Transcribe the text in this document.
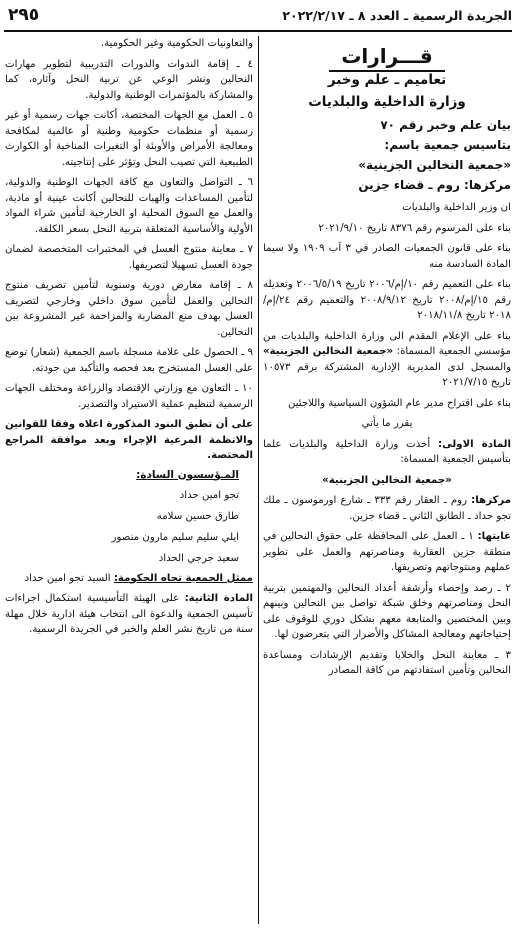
الجريدة الرسمية ـ العدد ٨ ـ ٢٠٢٢/٢/١٧
٢٩٥
قـــرارات
تعاميم ـ علم وخبر
وزارة الداخلية والبلديات
بيان علم وخبر رقم ٧٠
بتاسيس جمعية باسم:
«جمعية النخالين الجزينية»
مركزها: روم ـ قضاء جزين

ان وزير الداخلية والبلديات

بناء على المرسوم رقم ٨٣٧٦ تاريخ ٢٠٢١/٩/١٠

بناء على قانون الجمعيات الصادر في ٣ آب ١٩٠٩ ولا سيما المادة السادسة منه

بناء على التعميم رقم ١٠/إم/٢٠٠٦ تاريخ ٢٠٠٦/٥/١٩ وتعديله رقم ١٥/إم/٢٠٠٨ تاريخ ٢٠٠٨/٩/١٢ والتعميم رقم ٢٤/إم/٢٠١٨ تاريخ ٢٠١٨/١١/٨

بناء على الإعلام المقدم الى وزارة الداخلية والبلديات من مؤسسي الجمعية المسماة: «جمعية النخالين الجزينية» والمسجل لدى المديرية الإدارية المشتركة برقم ١٠٥٧٣ تاريخ ٢٠٢١/٧/١٥

بناء على اقتراح مدير عام الشؤون السياسية واللاجئين

يقرر ما يأتي

المادة الاولى: أخذت وزارة الداخلية والبلديات علما بتأسيس الجمعية المسماة:

«جمعية النخالين الجزينية»

مركزها: روم ـ العقار رقم ٣٣٣ ـ شارع اورموسون ـ ملك تجو حداد ـ الطابق الثاني ـ قضاء جزين.

غايتها: ١ ـ العمل على المحافظة على حقوق النحالين في منطقة جزين العقارية ومناصرتهم والعمل على تطوير عملهم ومنتوجاتهم وتصريفها.

٢ ـ رصد وإحصاء وأرشفة أعداد النحالين والمهتمين بتربية النحل ومناصرتهم وخلق شبكة تواصل بين النحالين وبينهم وبين المختصين والمتابعة معهم بشكل دوري للوقوف على إحتياجاتهم ومعالجة المشاكل والأضرار التي يتعرضون لها.

٣ ـ معاينة النحل والخلايا وتقديم الإرشادات ومساعدة النحالين وتأمين استفادتهم من كافة المصادر

والتعاونيات الحكومية وغير الحكومية.

٤ ـ إقامة الندوات والدورات التدريبية لتطوير مهارات النحالين ونشر الوعي عن تربية النحل وآثاره، كما والمشاركة بالمؤتمرات الوطنية والدولية.

٥ ـ العمل مع الجهات المختصة، أكانت جهات رسمية أو غير رسمية أو منظمات حكومية وطنية أو عالمية لمكافحة ومعالجة الأمراض والأوبئة أو التغيرات المناخية أو الكوارث الطبيعية التي تصيب النحل وتؤثر على إنتاجيته.

٦ ـ التواصل والتعاون مع كافة الجهات الوطنية والدولية، لتأمين المساعدات والهبات للنحالين أكانت عينية أو مادية، والعمل مع السوق المحلية او الخارجية لتأمين شراء المواد الأولية والأساسية المتعلقة بتربية النحل بسعر الكلفة.

٧ ـ معاينة منتوج العسل في المختبرات المتخصصة لضمان جودة العسل تسهيلا لتصريفها.

٨ ـ إقامة معارض دورية وسنوية لتأمين تصريف منتوج النحالين والعمل لتأمين سوق داخلي وخارجي لتصريف العسل بهدف منع المضاربة والمزاحمة غير المشروعة بين النحالين.

٩ ـ الحصول على علامة مسجلة باسم الجمعية (شعار) توضع على العسل المستخرج بعد فحصه والتأكيد من جودته.

١٠ ـ التعاون مع وزارتي الإقتصاد والزراعة ومختلف الجهات الرسمية لتنظيم عملية الاستيراد والتصدير.

على أن تطبق البنود المذكورة اعلاه وفقا للقوانين والانظمة المرعية الإجراء وبعد موافقة المراجع المختصة.

المـؤسسون السادة:
تجو امين حداد
طارق حسين سلامه
ايلي سليم سليم مارون منصور
سعيد جرجي الحداد

ممثل الجمعية تجاه الحكومة: السيد تجو امين حداد

المادة الثانية: على الهيئة التأسيسية استكمال اجراءات تأسيس الجمعية والدعوة الى انتخاب هيئة ادارية خلال مهلة سنة من تاريخ نشر العلم والخبر في الجريدة الرسمية.
